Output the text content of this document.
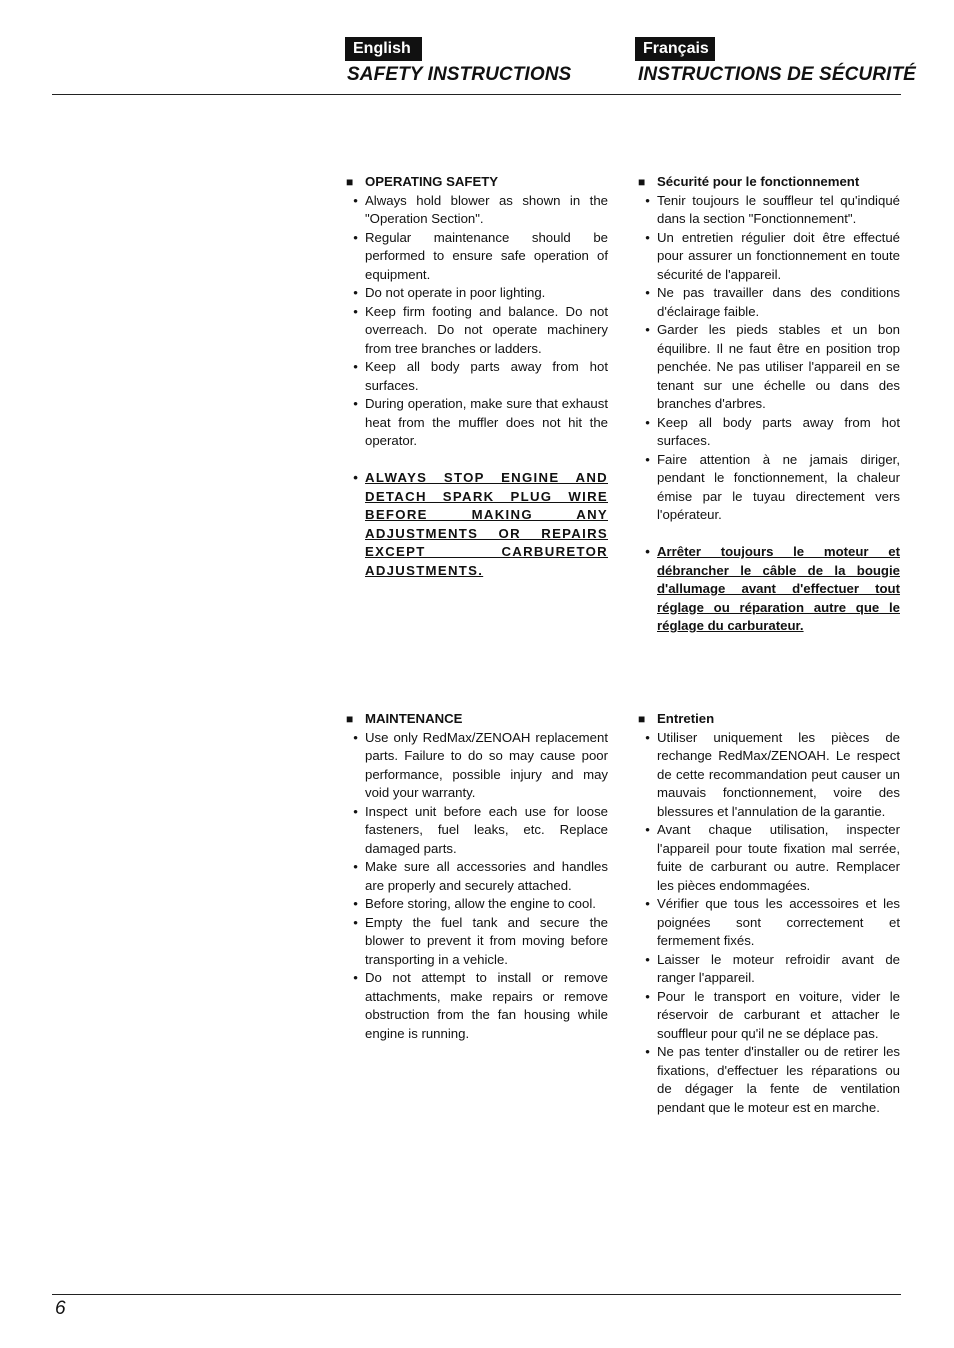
English	Français
SAFETY INSTRUCTIONS	INSTRUCTIONS DE SÉCURITÉ
■ OPERATING SAFETY
• Always hold blower as shown in the "Operation Section".
• Regular maintenance should be performed to ensure safe operation of equipment.
• Do not operate in poor lighting.
• Keep firm footing and balance. Do not overreach. Do not operate machinery from tree branches or ladders.
• Keep all body parts away from hot surfaces.
• During operation, make sure that exhaust heat from the muffler does not hit the operator.
• ALWAYS STOP ENGINE AND DETACH SPARK PLUG WIRE BEFORE MAKING ANY ADJUSTMENTS OR REPAIRS EXCEPT CARBURETOR ADJUSTMENTS.
■ Sécurité pour le fonctionnement
• Tenir toujours le souffleur tel qu'indiqué dans la section "Fonctionnement".
• Un entretien régulier doit être effectué pour assurer un fonctionnement en toute sécurité de l'appareil.
• Ne pas travailler dans des conditions d'éclairage faible.
• Garder les pieds stables et un bon équilibre. Il ne faut être en position trop penchée. Ne pas utiliser l'appareil en se tenant sur une échelle ou dans des branches d'arbres.
• Keep all body parts away from hot surfaces.
• Faire attention à ne jamais diriger, pendant le fonctionnement, la chaleur émise par le tuyau directement vers l'opérateur.
• Arrêter toujours le moteur et débrancher le câble de la bougie d'allumage avant d'effectuer tout réglage ou réparation autre que le réglage du carburateur.
■ MAINTENANCE
• Use only RedMax/ZENOAH replacement parts. Failure to do so may cause poor performance, possible injury and may void your warranty.
• Inspect unit before each use for loose fasteners, fuel leaks, etc. Replace damaged parts.
• Make sure all accessories and handles are properly and securely attached.
• Before storing, allow the engine to cool.
• Empty the fuel tank and secure the blower to prevent it from moving before transporting in a vehicle.
• Do not attempt to install or remove attachments, make repairs or remove obstruction from the fan housing while engine is running.
■ Entretien
• Utiliser uniquement les pièces de rechange RedMax/ZENOAH. Le respect de cette recommandation peut causer un mauvais fonctionnement, voire des blessures et l'annulation de la garantie.
• Avant chaque utilisation, inspecter l'appareil pour toute fixation mal serrée, fuite de carburant ou autre. Remplacer les pièces endommagées.
• Vérifier que tous les accessoires et les poignées sont correctement et fermement fixés.
• Laisser le moteur refroidir avant de ranger l'appareil.
• Pour le transport en voiture, vider le réservoir de carburant et attacher le souffleur pour qu'il ne se déplace pas.
• Ne pas tenter d'installer ou de retirer les fixations, d'effectuer les réparations ou de dégager la fente de ventilation pendant que le moteur est en marche.
6
